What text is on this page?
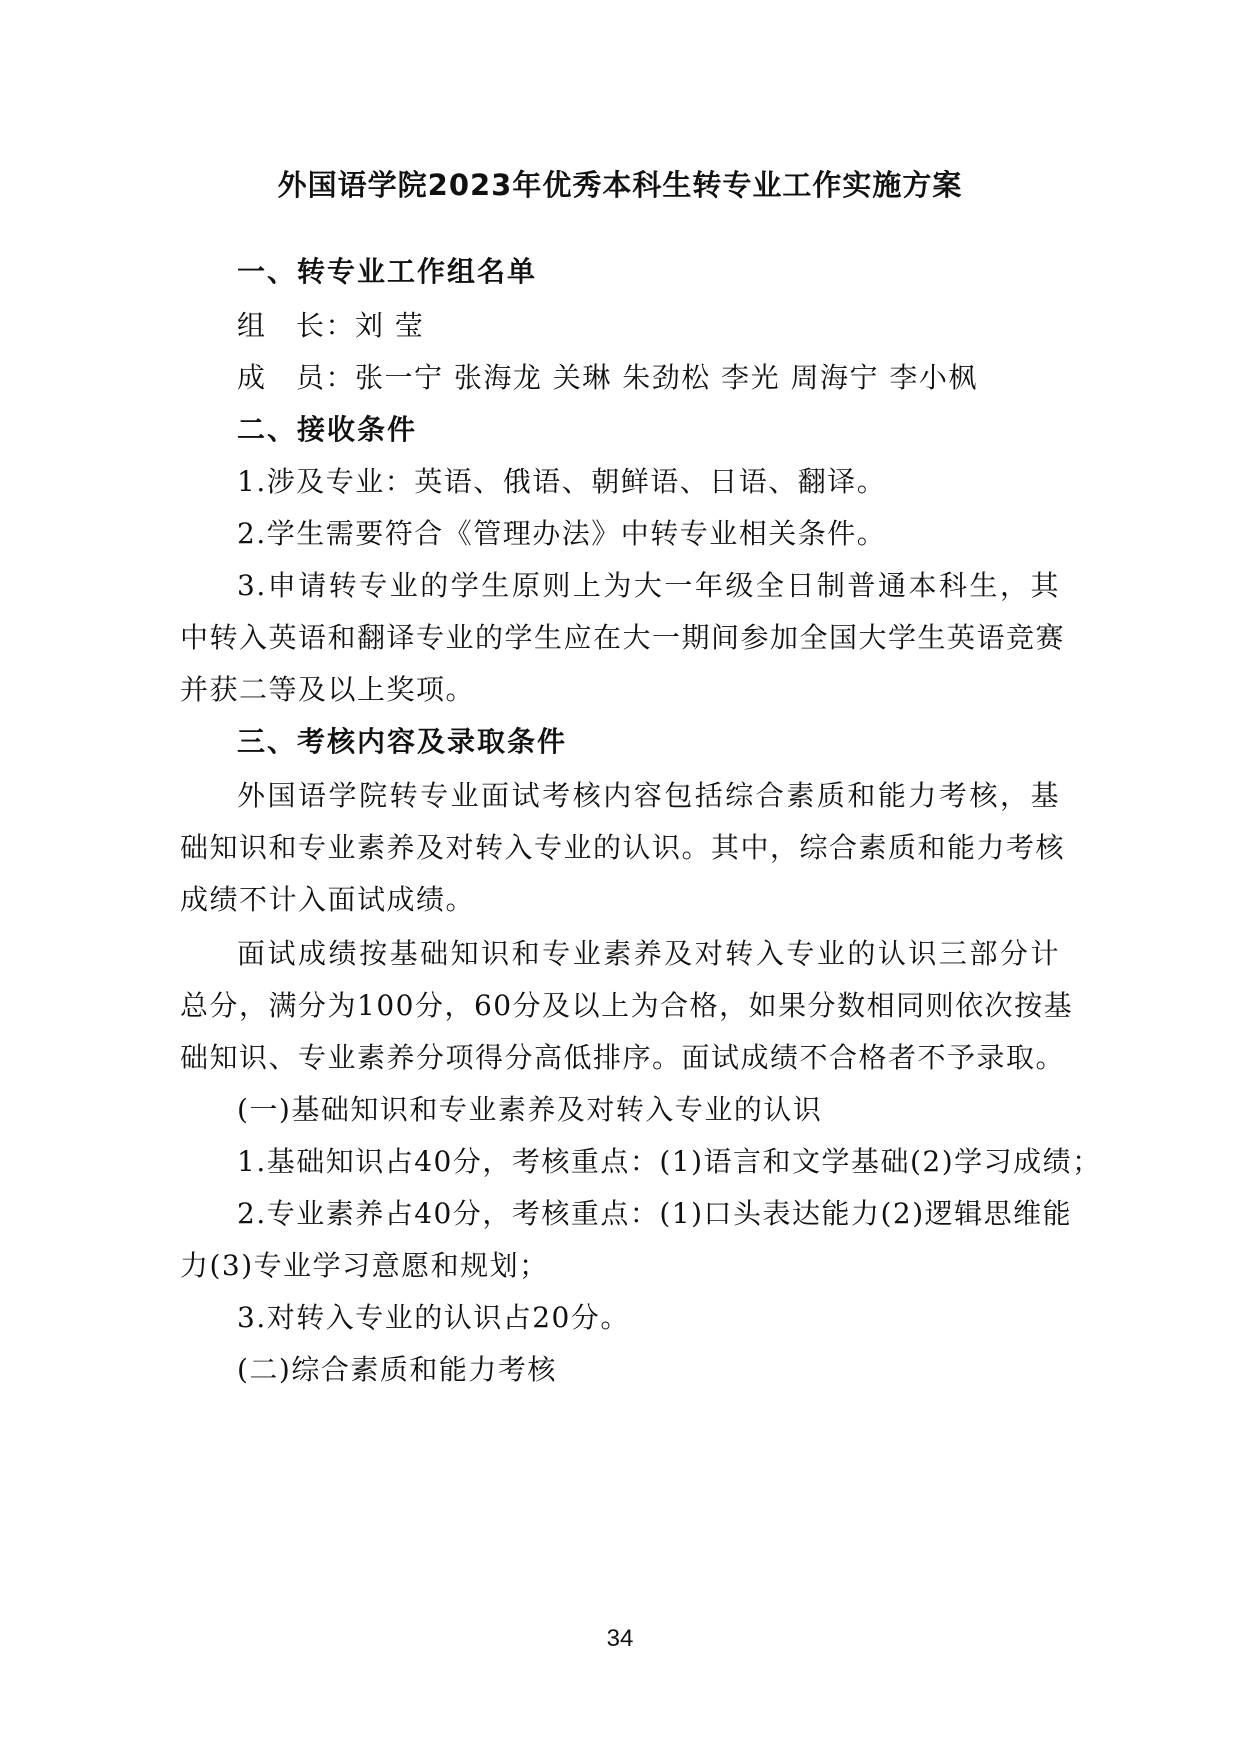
外国语学院2023年优秀本科生转专业工作实施方案
一、转专业工作组名单
组　长：刘 莹
成　员：张一宁 张海龙 关琳 朱劲松 李光 周海宁 李小枫
二、接收条件
1.涉及专业：英语、俄语、朝鲜语、日语、翻译。
2.学生需要符合《管理办法》中转专业相关条件。
3.申请转专业的学生原则上为大一年级全日制普通本科生，其
中转入英语和翻译专业的学生应在大一期间参加全国大学生英语竞赛
并获二等及以上奖项。
三、考核内容及录取条件
外国语学院转专业面试考核内容包括综合素质和能力考核，基
础知识和专业素养及对转入专业的认识。其中，综合素质和能力考核
成绩不计入面试成绩。
面试成绩按基础知识和专业素养及对转入专业的认识三部分计
总分，满分为100分，60分及以上为合格，如果分数相同则依次按基
础知识、专业素养分项得分高低排序。面试成绩不合格者不予录取。
(一)基础知识和专业素养及对转入专业的认识
1.基础知识占40分，考核重点：(1)语言和文学基础(2)学习成绩；
2.专业素养占40分，考核重点：(1)口头表达能力(2)逻辑思维能
力(3)专业学习意愿和规划；
3.对转入专业的认识占20分。
(二)综合素质和能力考核
34
